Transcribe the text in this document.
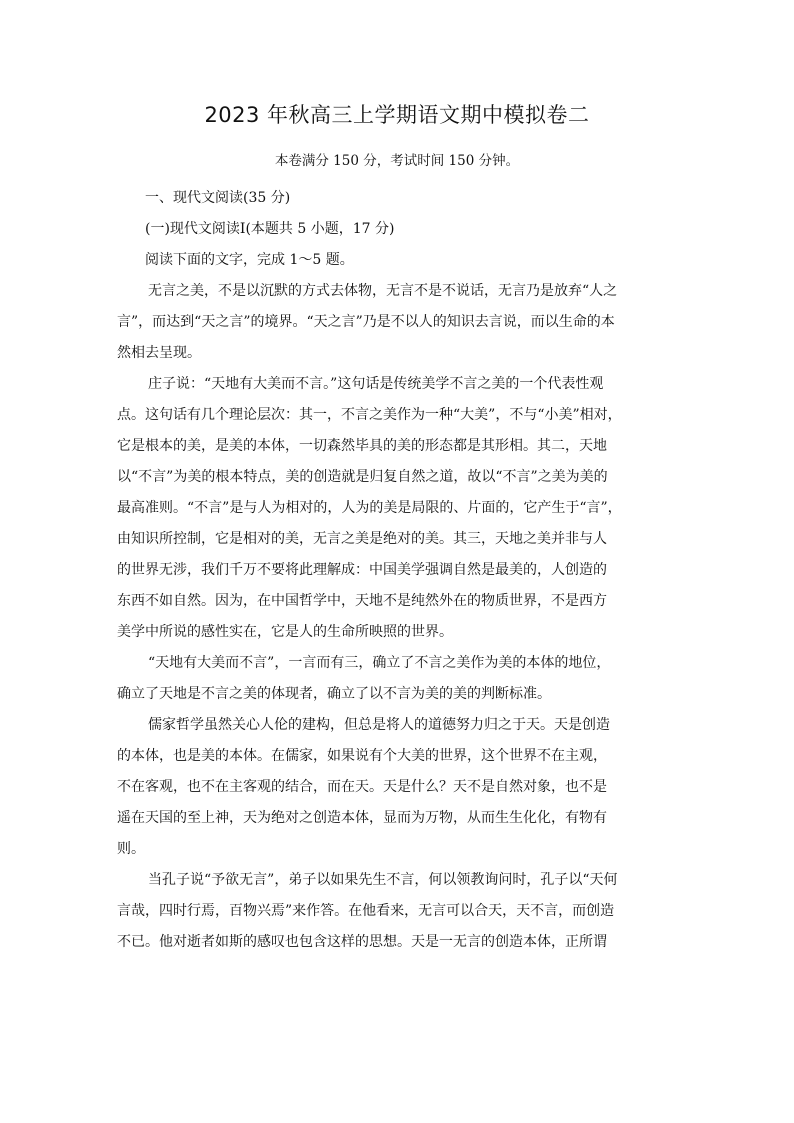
2023 年秋高三上学期语文期中模拟卷二
本卷满分 150 分，考试时间 150 分钟。

一、现代文阅读(35 分)

(一)现代文阅读Ⅰ(本题共 5 小题，17 分)

阅读下面的文字，完成 1～5 题。

无言之美，不是以沉默的方式去体物，无言不是不说话，无言乃是放弃“人之

言”，而达到“天之言”的境界。“天之言”乃是不以人的知识去言说，而以生命的本

然相去呈现。

庄子说：“天地有大美而不言。”这句话是传统美学不言之美的一个代表性观

点。这句话有几个理论层次：其一，不言之美作为一种“大美”，不与“小美”相对，

它是根本的美，是美的本体，一切森然毕具的美的形态都是其形相。其二，天地

以“不言”为美的根本特点，美的创造就是归复自然之道，故以“不言”之美为美的

最高准则。“不言”是与人为相对的，人为的美是局限的、片面的，它产生于“言”，

由知识所控制，它是相对的美，无言之美是绝对的美。其三，天地之美并非与人

的世界无涉，我们千万不要将此理解成：中国美学强调自然是最美的，人创造的

东西不如自然。因为，在中国哲学中，天地不是纯然外在的物质世界，不是西方

美学中所说的感性实在，它是人的生命所映照的世界。

“天地有大美而不言”，一言而有三，确立了不言之美作为美的本体的地位，

确立了天地是不言之美的体现者，确立了以不言为美的美的判断标准。

儒家哲学虽然关心人伦的建构，但总是将人的道德努力归之于天。天是创造

的本体，也是美的本体。在儒家，如果说有个大美的世界，这个世界不在主观，

不在客观，也不在主客观的结合，而在天。天是什么？天不是自然对象，也不是

遥在天国的至上神，天为绝对之创造本体，显而为万物，从而生生化化，有物有

则。

当孔子说“予欲无言”，弟子以如果先生不言，何以领教询问时，孔子以“天何

言哉，四时行焉，百物兴焉”来作答。在他看来，无言可以合天，天不言，而创造

不已。他对逝者如斯的感叹也包含这样的思想。天是一无言的创造本体，正所谓
